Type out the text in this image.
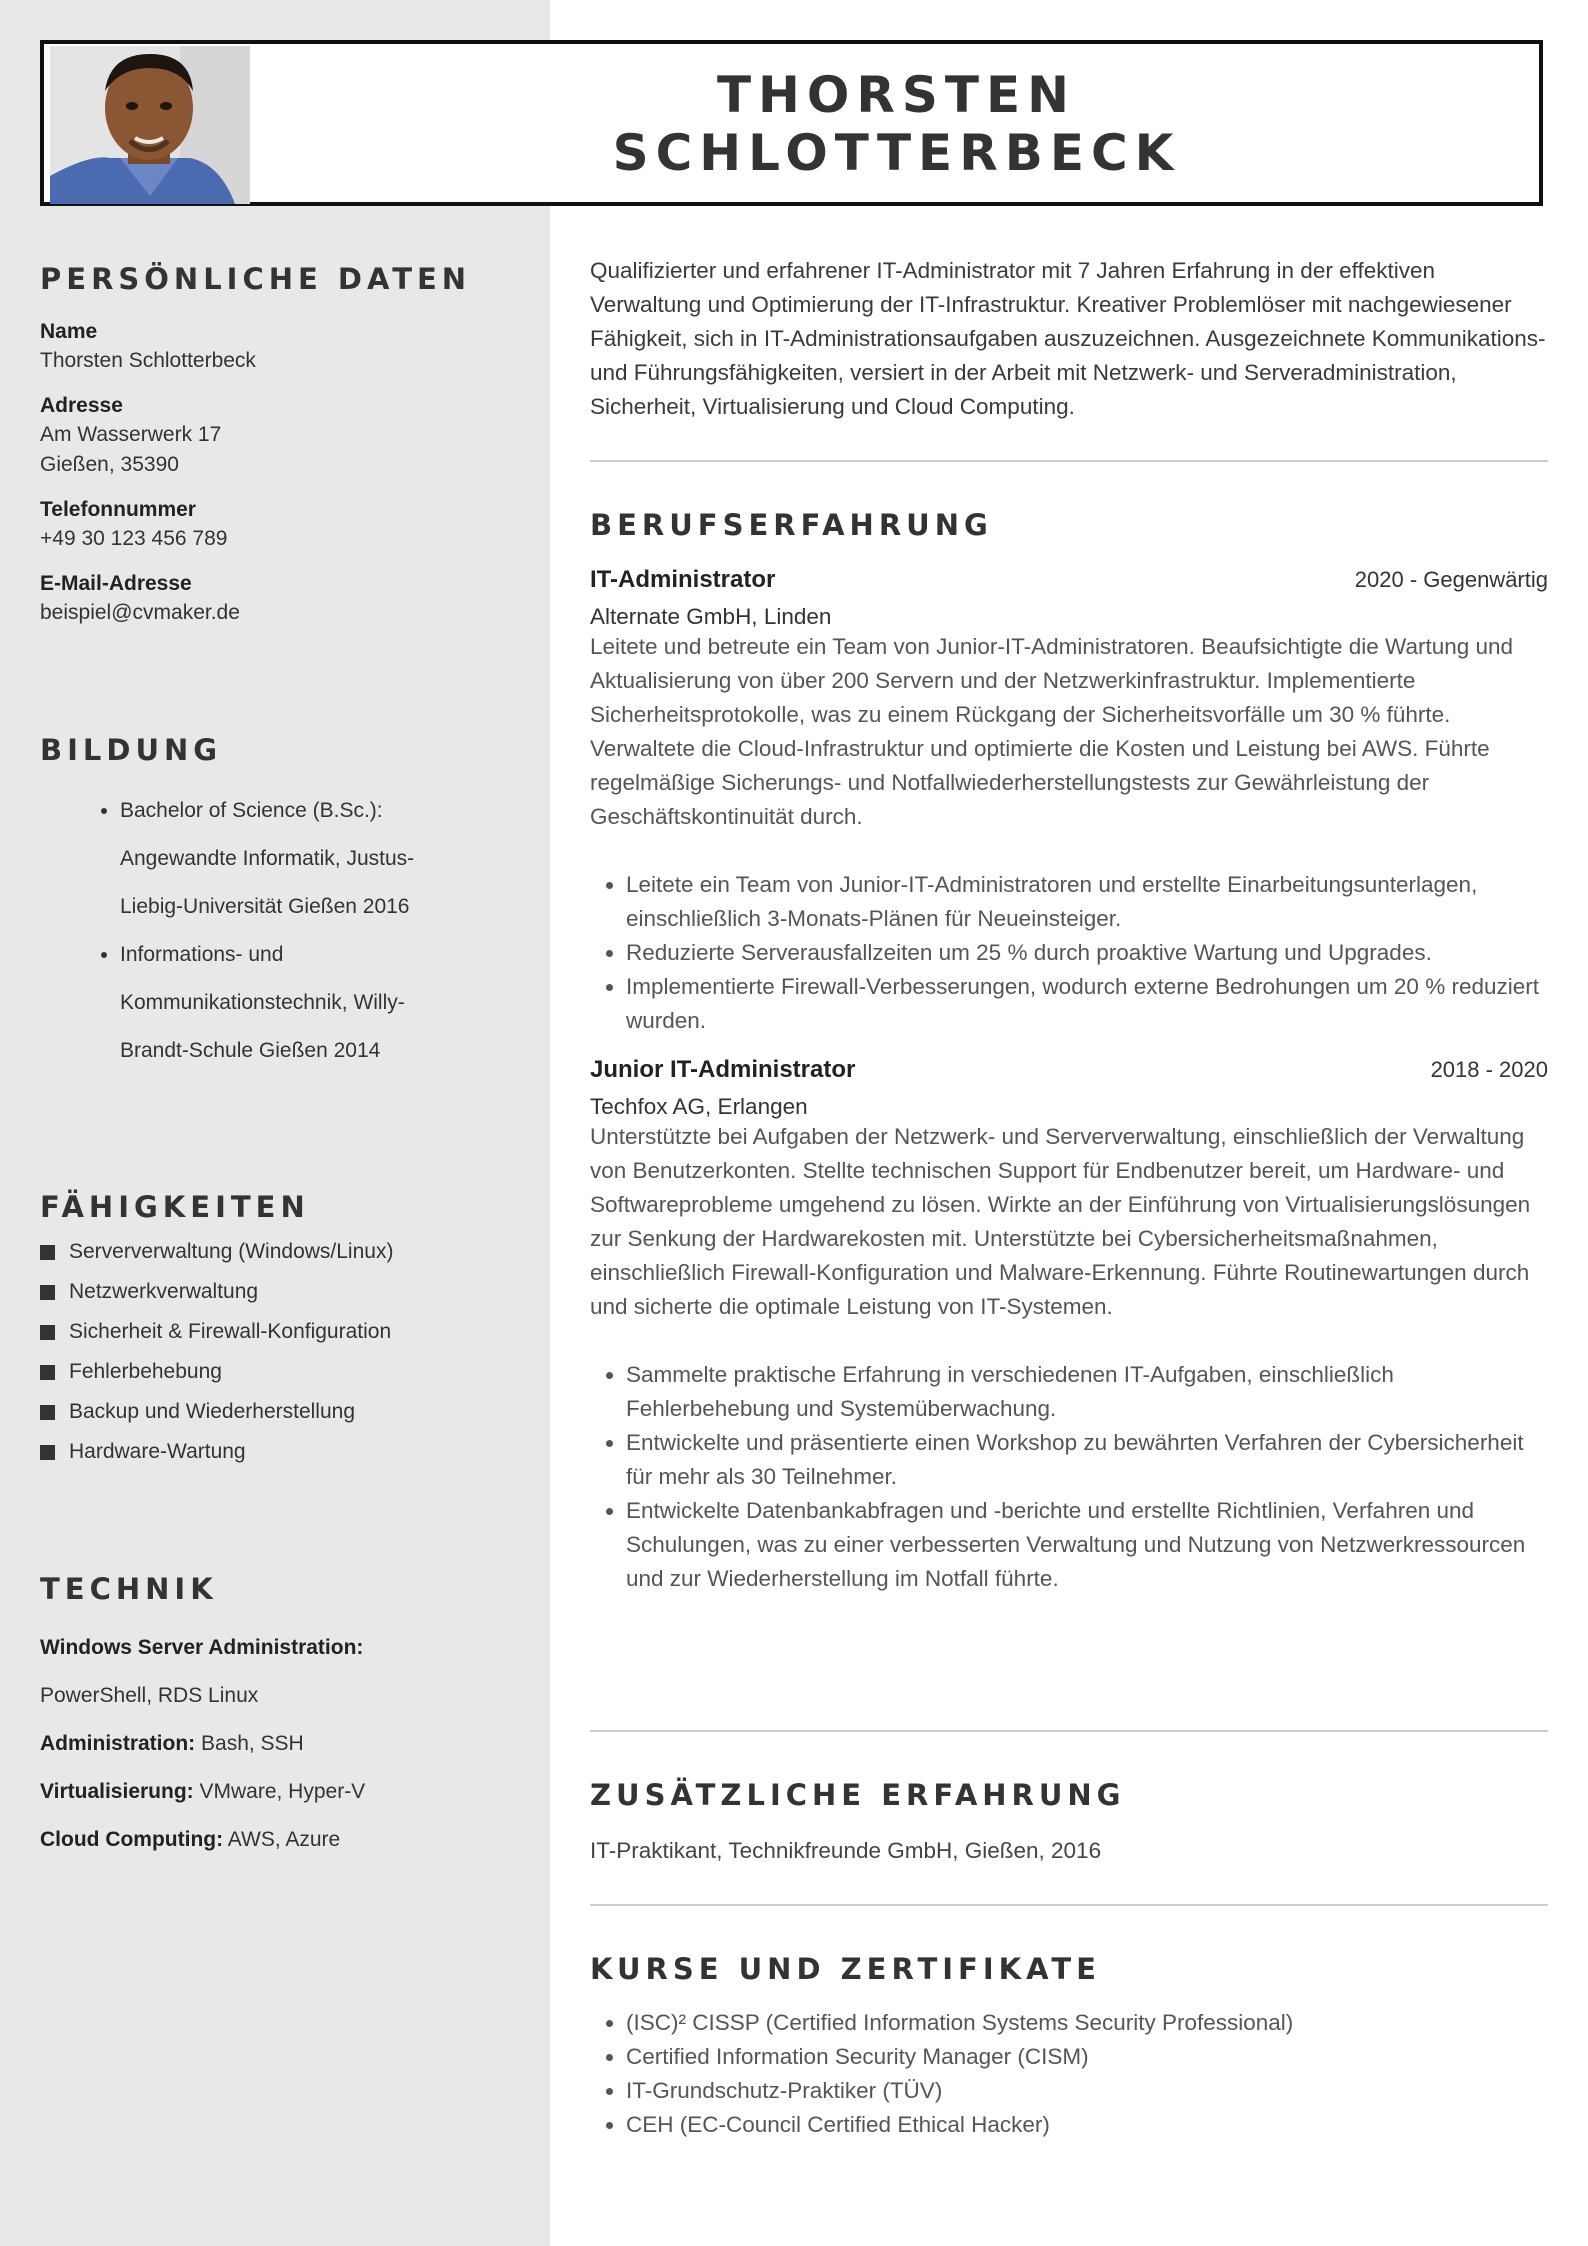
THORSTEN
SCHLOTTERBECK
PERSÖNLICHE DATEN
Name
Thorsten Schlotterbeck
Adresse
Am Wasserwerk 17
Gießen, 35390
Telefonnummer
+49 30 123 456 789
E-Mail-Adresse
beispiel@cvmaker.de
BILDUNG
• Bachelor of Science (B.Sc.):
Angewandte Informatik, Justus-
Liebig-Universität Gießen 2016
• Informations- und
Kommunikationstechnik, Willy-
Brandt-Schule Gießen 2014
FÄHIGKEITEN
Serververwaltung (Windows/Linux)
Netzwerkverwaltung
Sicherheit & Firewall-Konfiguration
Fehlerbehebung
Backup und Wiederherstellung
Hardware-Wartung
TECHNIK
Windows Server Administration:
PowerShell, RDS Linux
Administration: Bash, SSH
Virtualisierung: VMware, Hyper-V
Cloud Computing: AWS, Azure

Qualifizierter und erfahrener IT-Administrator mit 7 Jahren Erfahrung in der effektiven Verwaltung und Optimierung der IT-Infrastruktur. Kreativer Problemlöser mit nachgewiesener Fähigkeit, sich in IT-Administrationsaufgaben auszuzeichnen. Ausgezeichnete Kommunikations- und Führungsfähigkeiten, versiert in der Arbeit mit Netzwerk- und Serveradministration, Sicherheit, Virtualisierung und Cloud Computing.

BERUFSERFAHRUNG
IT-Administrator	2020 - Gegenwärtig
Alternate GmbH, Linden

Leitete und betreute ein Team von Junior-IT-Administratoren. Beaufsichtigte die Wartung und Aktualisierung von über 200 Servern und der Netzwerkinfrastruktur. Implementierte Sicherheitsprotokolle, was zu einem Rückgang der Sicherheitsvorfälle um 30 % führte. Verwaltete die Cloud-Infrastruktur und optimierte die Kosten und Leistung bei AWS. Führte regelmäßige Sicherungs- und Notfallwiederherstellungstests zur Gewährleistung der Geschäftskontinuität durch.

• Leitete ein Team von Junior-IT-Administratoren und erstellte Einarbeitungsunterlagen, einschließlich 3-Monats-Plänen für Neueinsteiger.
• Reduzierte Serverausfallzeiten um 25 % durch proaktive Wartung und Upgrades.
• Implementierte Firewall-Verbesserungen, wodurch externe Bedrohungen um 20 % reduziert wurden.
Junior IT-Administrator	2018 - 2020
Techfox AG, Erlangen

Unterstützte bei Aufgaben der Netzwerk- und Serververwaltung, einschließlich der Verwaltung von Benutzerkonten. Stellte technischen Support für Endbenutzer bereit, um Hardware- und Softwareprobleme umgehend zu lösen. Wirkte an der Einführung von Virtualisierungslösungen zur Senkung der Hardwarekosten mit. Unterstützte bei Cybersicherheitsmaßnahmen, einschließlich Firewall-Konfiguration und Malware-Erkennung. Führte Routinewartungen durch und sicherte die optimale Leistung von IT-Systemen.

• Sammelte praktische Erfahrung in verschiedenen IT-Aufgaben, einschließlich Fehlerbehebung und Systemüberwachung.
• Entwickelte und präsentierte einen Workshop zu bewährten Verfahren der Cybersicherheit für mehr als 30 Teilnehmer.
• Entwickelte Datenbankabfragen und -berichte und erstellte Richtlinien, Verfahren und Schulungen, was zu einer verbesserten Verwaltung und Nutzung von Netzwerkressourcen und zur Wiederherstellung im Notfall führte.
ZUSÄTZLICHE ERFAHRUNG
IT-Praktikant, Technikfreunde GmbH, Gießen, 2016
KURSE UND ZERTIFIKATE
• (ISC)² CISSP (Certified Information Systems Security Professional)
• Certified Information Security Manager (CISM)
• IT-Grundschutz-Praktiker (TÜV)
• CEH (EC-Council Certified Ethical Hacker)
